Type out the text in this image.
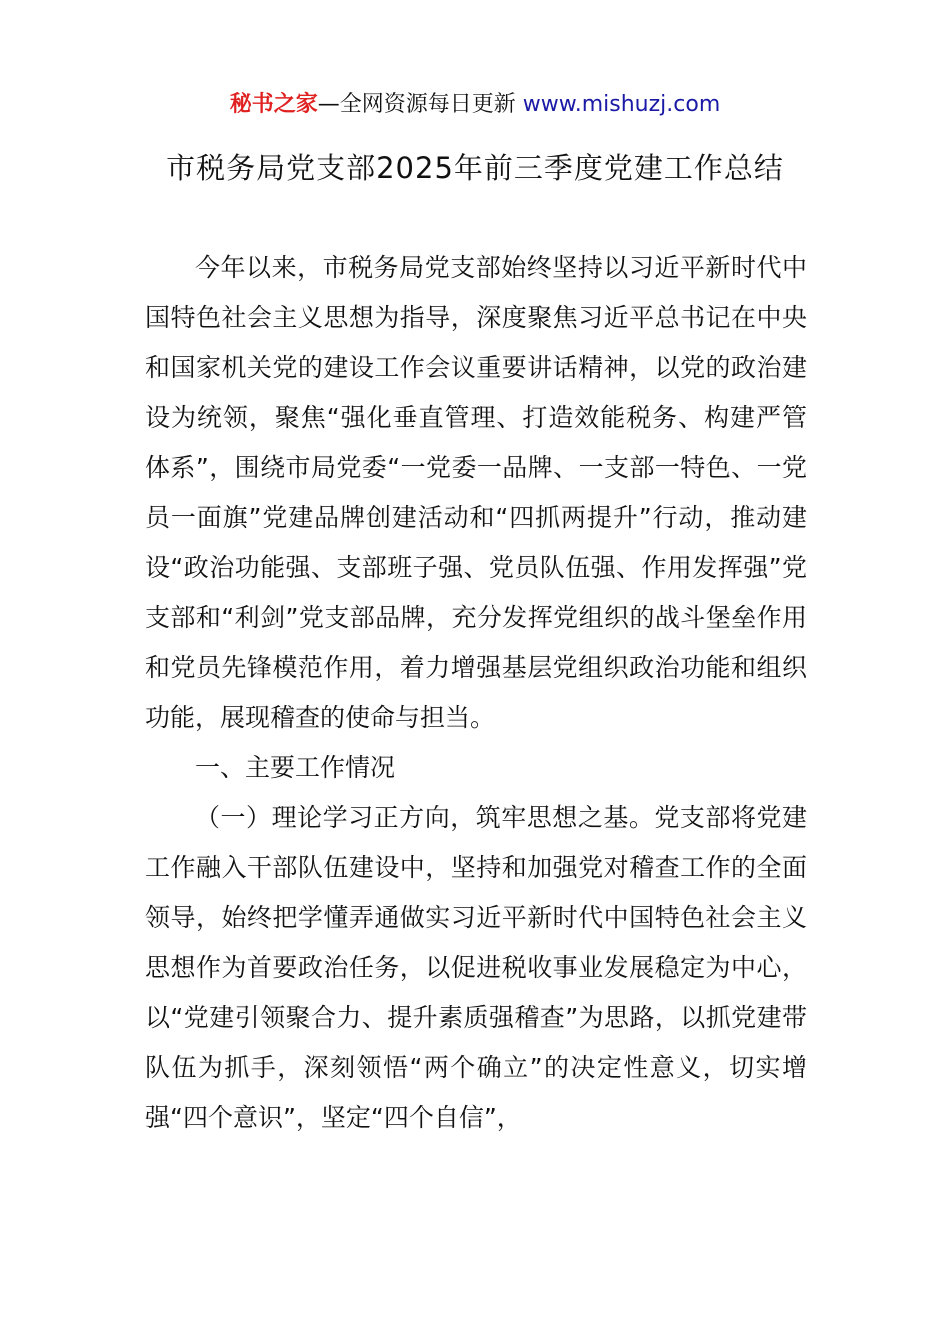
秘书之家—全网资源每日更新 www.mishuzj.com
市税务局党支部2025年前三季度党建工作总结

今年以来，市税务局党支部始终坚持以习近平新时代中国特色社会主义思想为指导，深度聚焦习近平总书记在中央和国家机关党的建设工作会议重要讲话精神，以党的政治建设为统领，聚焦“强化垂直管理、打造效能税务、构建严管体系”，围绕市局党委“一党委一品牌、一支部一特色、一党员一面旗”党建品牌创建活动和“四抓两提升”行动，推动建设“政治功能强、支部班子强、党员队伍强、作用发挥强”党支部和“利剑”党支部品牌，充分发挥党组织的战斗堡垒作用和党员先锋模范作用，着力增强基层党组织政治功能和组织功能，展现稽查的使命与担当。

一、主要工作情况

（一）理论学习正方向，筑牢思想之基。党支部将党建工作融入干部队伍建设中，坚持和加强党对稽查工作的全面领导，始终把学懂弄通做实习近平新时代中国特色社会主义思想作为首要政治任务，以促进税收事业发展稳定为中心，以“党建引领聚合力、提升素质强稽查”为思路，以抓党建带队伍为抓手，深刻领悟“两个确立”的决定性意义，切实增强“四个意识”，坚定“四个自信”，
